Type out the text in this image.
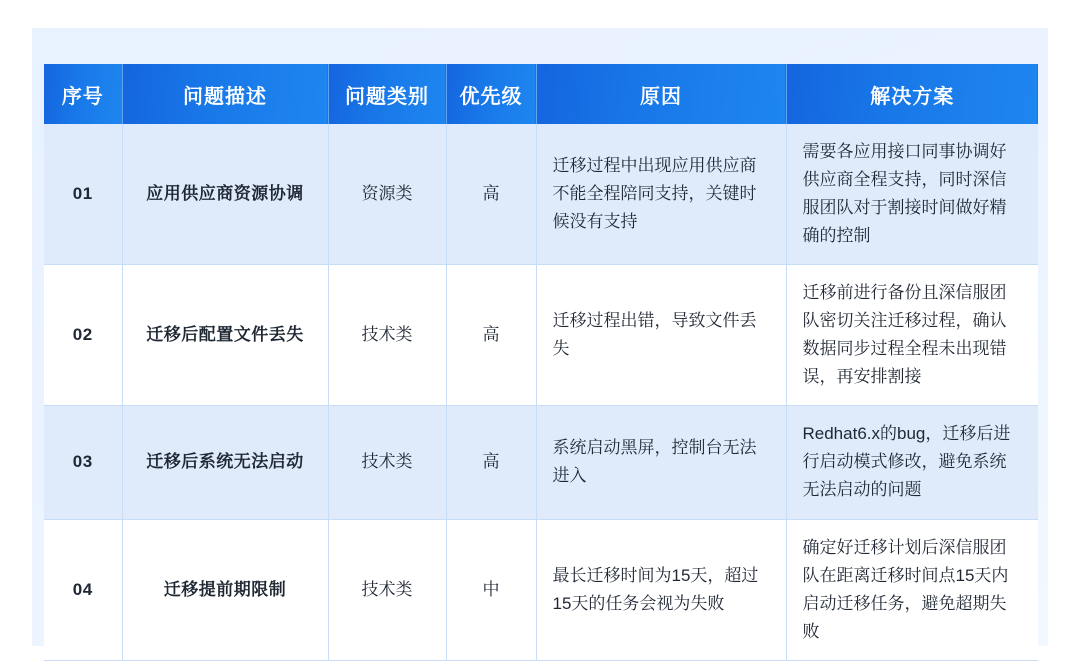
序号	问题描述	问题类别	优先级	原因	解决方案
01	应用供应商资源协调	资源类	高	迁移过程中出现应用供应商不能全程陪同支持，关键时候没有支持	需要各应用接口同事协调好供应商全程支持，同时深信服团队对于割接时间做好精确的控制
02	迁移后配置文件丢失	技术类	高	迁移过程出错，导致文件丢失	迁移前进行备份且深信服团队密切关注迁移过程，确认数据同步过程全程未出现错误，再安排割接
03	迁移后系统无法启动	技术类	高	系统启动黑屏，控制台无法进入	Redhat6.x的bug，迁移后进行启动模式修改，避免系统无法启动的问题
04	迁移提前期限制	技术类	中	最长迁移时间为15天，超过15天的任务会视为失败	确定好迁移计划后深信服团队在距离迁移时间点15天内启动迁移任务，避免超期失败
